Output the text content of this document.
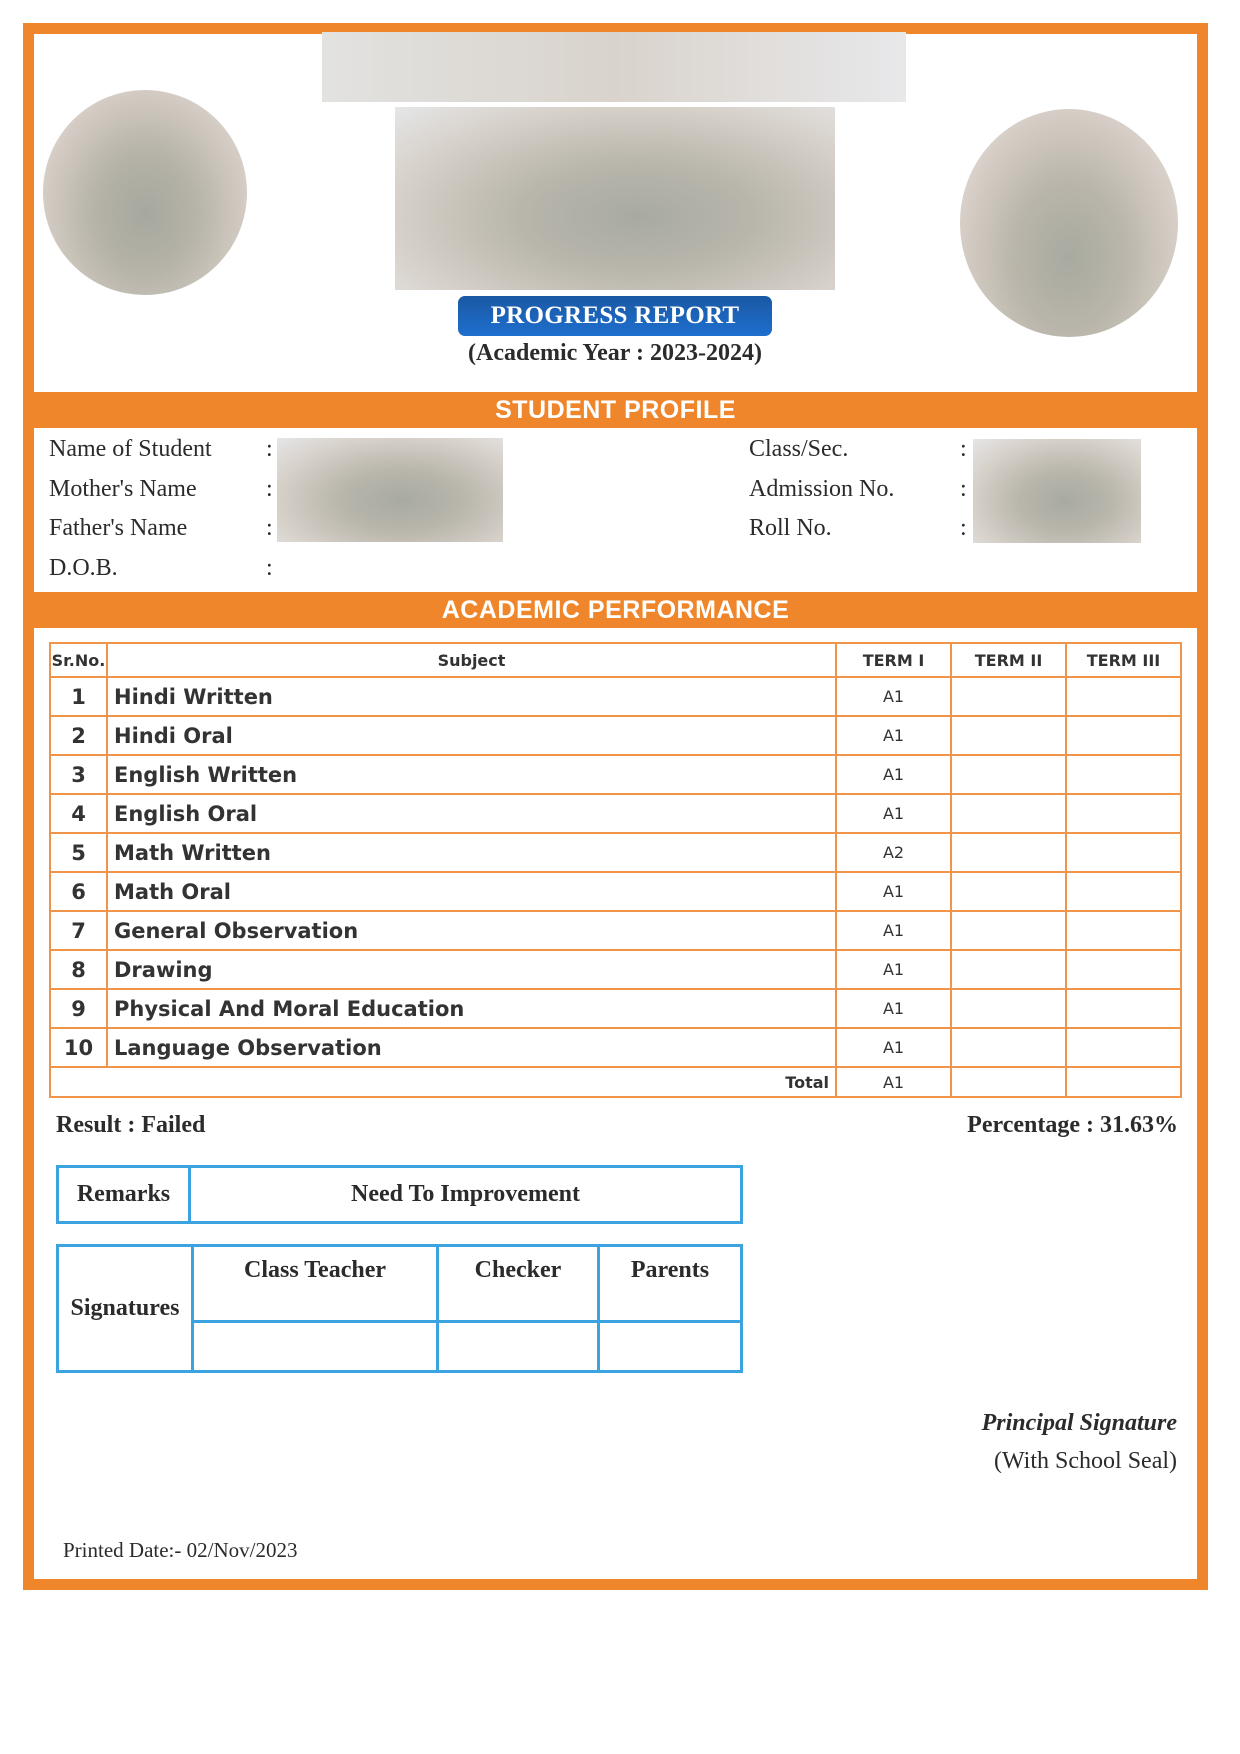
PROGRESS REPORT
(Academic Year : 2023-2024)
STUDENT PROFILE
Name of Student :
Mother's Name	:
Father's Name	:
D.O.B.	:
Class/Sec.	:
Admission No.	:
Roll No.	:
ACADEMIC PERFORMANCE
Sr.No.	Subject	TERM I	TERM II	TERM III
1	Hindi Written	A1		
2	Hindi Oral	A1		
3	English Written	A1		
4	English Oral	A1		
5	Math Written	A2		
6	Math Oral	A1		
7	General Observation	A1		
8	Drawing	A1		
9	Physical And Moral Education	A1		
10	Language Observation	A1		
Total		A1		
Result : Failed	Percentage : 31.63%
Remarks	Need To Improvement
Signatures	Class Teacher	Checker	Parents

Principal Signature
(With School Seal)
Printed Date:- 02/Nov/2023
